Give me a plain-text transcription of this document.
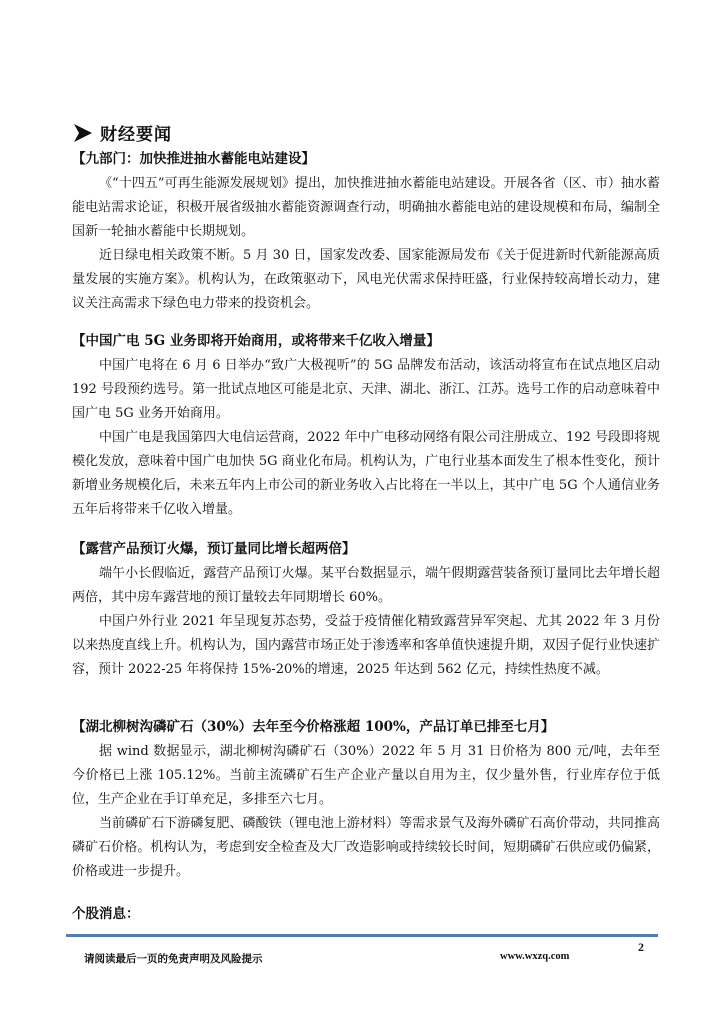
财经要闻
【九部门：加快推进抽水蓄能电站建设】

《“十四五”可再生能源发展规划》提出，加快推进抽水蓄能电站建设。开展各省（区、市）抽水蓄能电站需求论证，积极开展省级抽水蓄能资源调查行动，明确抽水蓄能电站的建设规模和布局，编制全国新一轮抽水蓄能中长期规划。

近日绿电相关政策不断。5 月 30 日，国家发改委、国家能源局发布《关于促进新时代新能源高质量发展的实施方案》。机构认为，在政策驱动下，风电光伏需求保持旺盛，行业保持较高增长动力，建议关注高需求下绿色电力带来的投资机会。

【中国广电 5G 业务即将开始商用，或将带来千亿收入增量】

中国广电将在 6 月 6 日举办“致广大极视听”的 5G 品牌发布活动，该活动将宣布在试点地区启动 192 号段预约选号。第一批试点地区可能是北京、天津、湖北、浙江、江苏。选号工作的启动意味着中国广电 5G 业务开始商用。

中国广电是我国第四大电信运营商，2022 年中广电移动网络有限公司注册成立、192 号段即将规模化发放，意味着中国广电加快 5G 商业化布局。机构认为，广电行业基本面发生了根本性变化，预计新增业务规模化后，未来五年内上市公司的新业务收入占比将在一半以上，其中广电 5G 个人通信业务五年后将带来千亿收入增量。

【露营产品预订火爆，预订量同比增长超两倍】

端午小长假临近，露营产品预订火爆。某平台数据显示，端午假期露营装备预订量同比去年增长超两倍，其中房车露营地的预订量较去年同期增长 60%。

中国户外行业 2021 年呈现复苏态势，受益于疫情催化精致露营异军突起、尤其 2022 年 3 月份以来热度直线上升。机构认为，国内露营市场正处于渗透率和客单值快速提升期，双因子促行业快速扩容，预计 2022-25 年将保持 15%-20%的增速，2025 年达到 562 亿元，持续性热度不减。

【湖北柳树沟磷矿石（30%）去年至今价格涨超 100%，产品订单已排至七月】

据 wind 数据显示，湖北柳树沟磷矿石（30%）2022 年 5 月 31 日价格为 800 元/吨，去年至今价格已上涨 105.12%。当前主流磷矿石生产企业产量以自用为主，仅少量外售，行业库存位于低位，生产企业在手订单充足，多排至六七月。

当前磷矿石下游磷复肥、磷酸铁（锂电池上游材料）等需求景气及海外磷矿石高价带动，共同推高磷矿石价格。机构认为，考虑到安全检查及大厂改造影响或持续较长时间，短期磷矿石供应或仍偏紧，价格或进一步提升。

个股消息：
2
请阅读最后一页的免责声明及风险提示	www.wxzq.com
